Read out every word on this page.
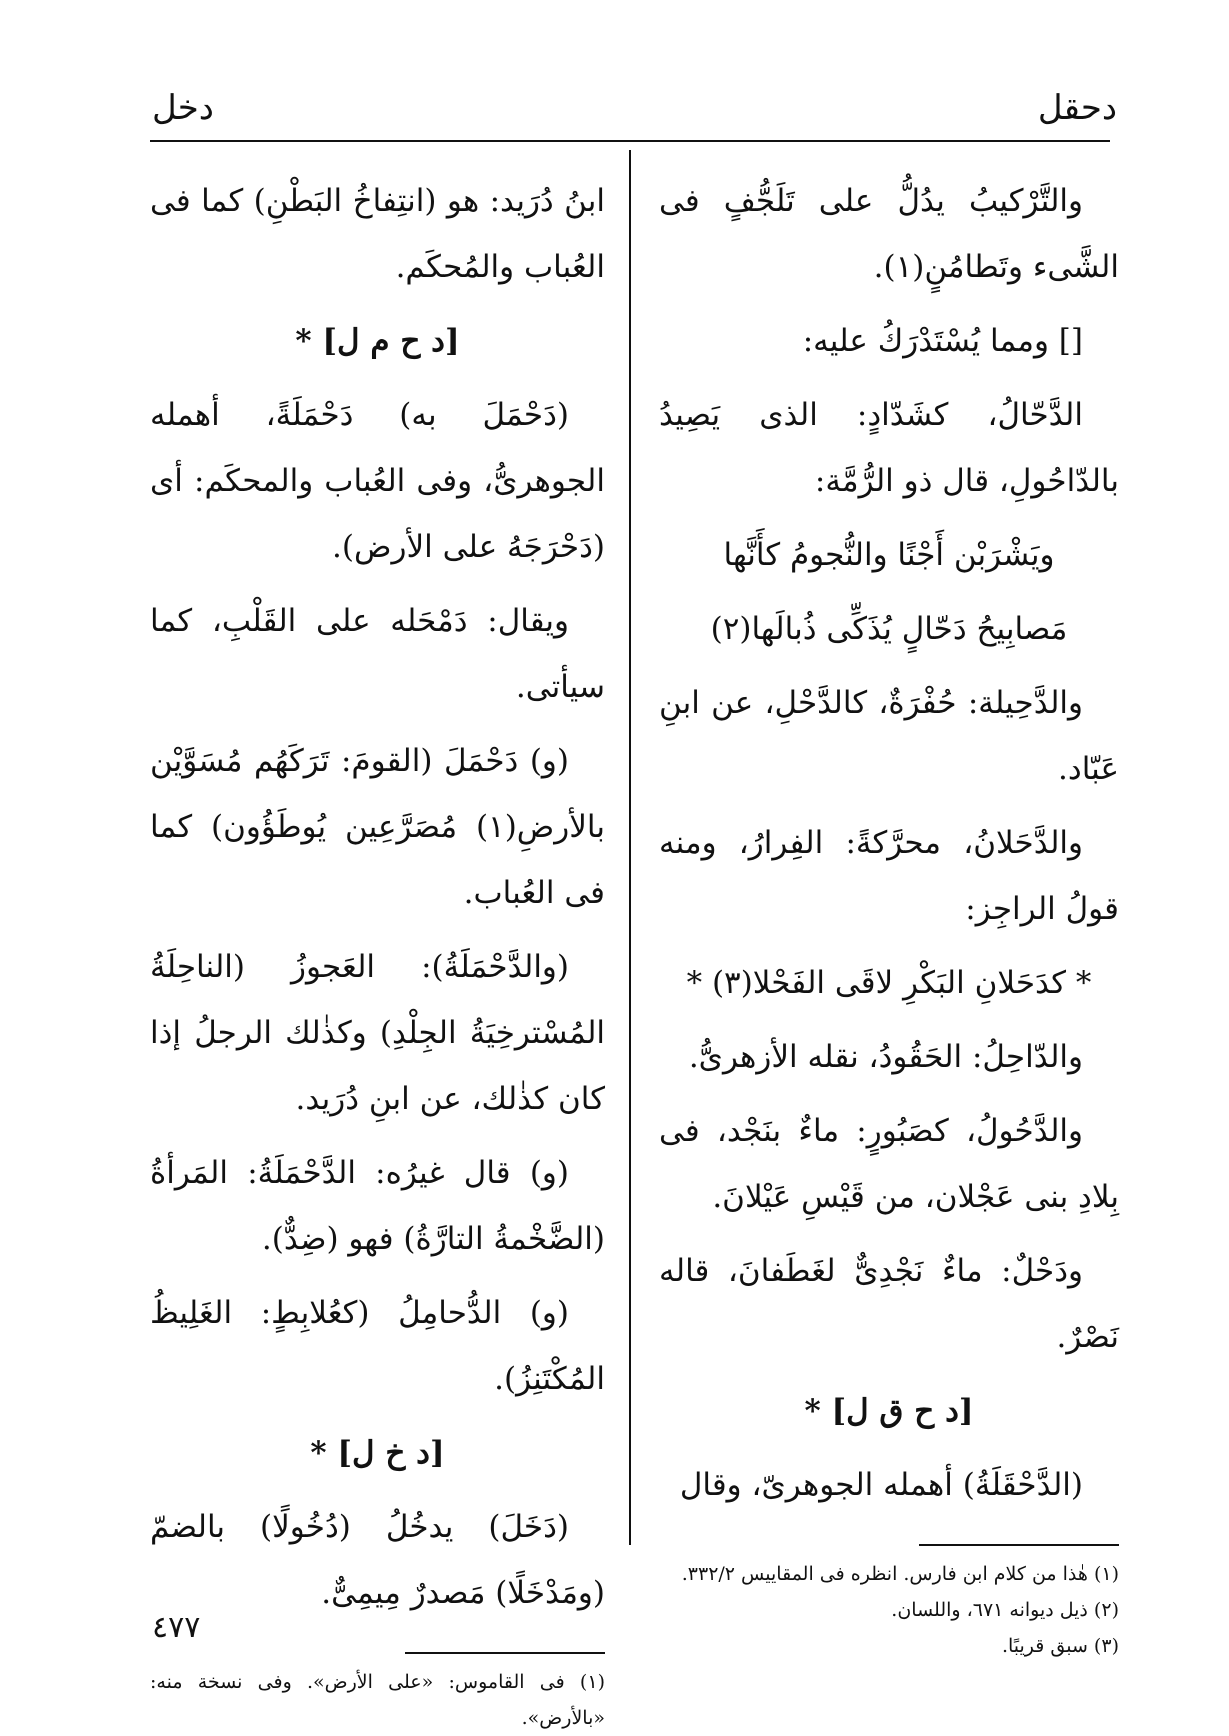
دحقل
دخل

والتَّرْكيبُ يدُلُّ على تَلَجُّفٍ فى الشَّىء وتَطامُنٍ(١).

[] ومما يُسْتَدْرَكُ عليه:

الدَّحّالُ، كشَدّادٍ: الذى يَصِيدُ بالدّاحُولِ، قال ذو الرُّمَّة:

ويَشْرَبْن أَجْنًا والنُّجومُ كأَنَّها

مَصابِيحُ دَحّالٍ يُذَكِّى ذُبالَها(٢)

والدَّحِيلة: حُفْرَةٌ، كالدَّحْلِ، عن ابنِ عَبّاد.

والدَّحَلانُ، محرَّكةً: الفِرارُ، ومنه قولُ الراجِز:

* كدَحَلانِ البَكْرِ لاقَى الفَحْلا(٣) *

والدّاحِلُ: الحَقُودُ، نقله الأزهرىُّ.

والدَّحُولُ، كصَبُورٍ: ماءٌ بنَجْد، فى بِلادِ بنى عَجْلان، من قَيْسِ عَيْلانَ.

ودَحْلٌ: ماءٌ نَجْدِىٌّ لغَطَفانَ، قاله نَصْرٌ.

[د ح ق ل] *

(الدَّحْقَلَةُ) أهمله الجوهرىّ، وقال

(١) هٰذا من كلام ابن فارس. انظره فى المقاييس ٣٣٢/٢.

(٢) ذيل ديوانه ٦٧١، واللسان.

(٣) سبق قريبًا.

ابنُ دُرَيد: هو (انتِفاخُ البَطْنِ) كما فى العُباب والمُحكَم.

[د ح م ل] *

(دَحْمَلَ به) دَحْمَلَةً، أهمله الجوهرىُّ، وفى العُباب والمحكَم: أى (دَحْرَجَهُ على الأرض).

ويقال: دَمْحَله على القَلْبِ، كما سيأتى.

(و) دَحْمَلَ (القومَ: تَرَكَهُم مُسَوَّيْن بالأرضِ(١) مُصَرَّعِين يُوطَؤُون) كما فى العُباب.

(والدَّحْمَلَةُ): العَجوزُ (الناحِلَةُ المُسْترخِيَةُ الجِلْدِ) وكذٰلك الرجلُ إذا كان كذٰلك، عن ابنِ دُرَيد.

(و) قال غيرُه: الدَّحْمَلَةُ: المَرأةُ (الضَّخْمةُ التارَّةُ) فهو (ضِدٌّ).

(و) الدُّحامِلُ (كعُلابِطٍ: الغَلِيظُ المُكْتَنِزُ).

[د خ ل] *

(دَخَلَ) يدخُلُ (دُخُولًا) بالضمّ (ومَدْخَلًا) مَصدرٌ مِيمِىٌّ.

(١) فى القاموس: «على الأرض». وفى نسخة منه: «بالأرض».

٤٧٧
